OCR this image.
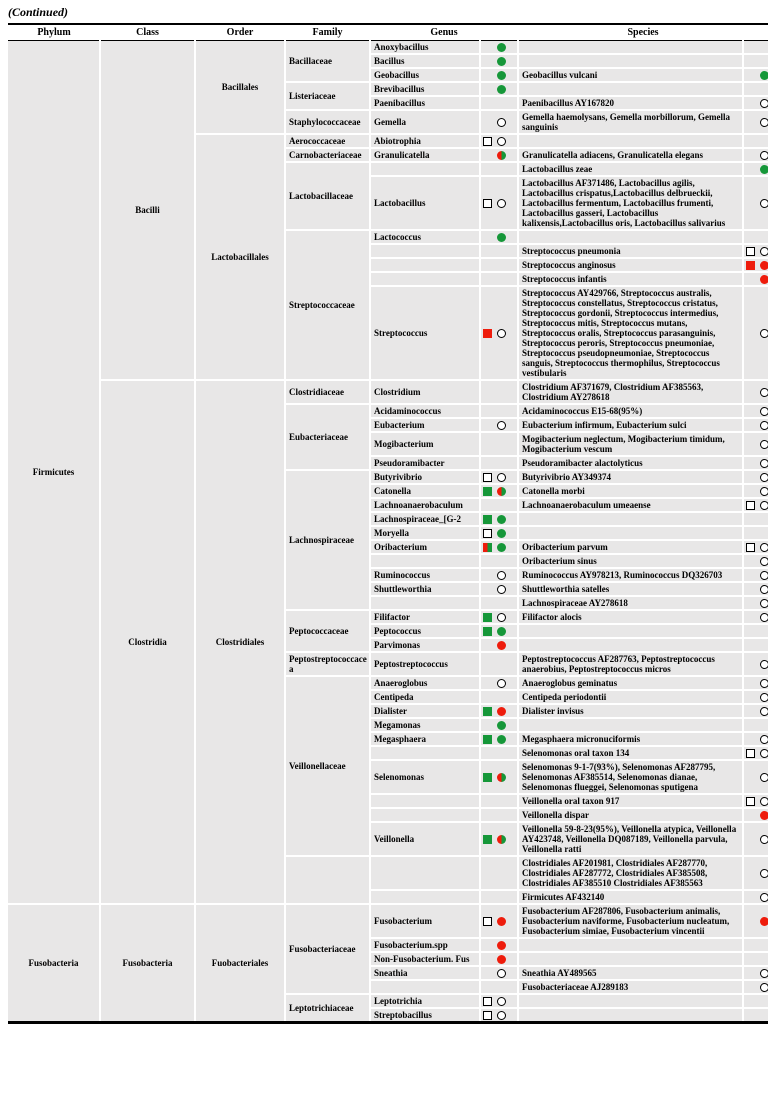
(Continued)
Phylum	Class	Order	Family	Genus		Species	
Firmicutes	Bacilli	Bacillales	Bacillaceae	Anoxybacillus	

				Bacillus	

				Geobacillus		Geobacillus vulcani	

			Listeriaceae	Brevibacillus	

				Paenibacillus		Paenibacillus AY167820	

			Staphylococcaceae	Gemella		Gemella haemolysans, Gemella morbillorum, Gemella sanguinis	

		Lactobacillales	Aerococcaceae	Abiotrophia	

			Carnobacteriaceae	Granulicatella		Granulicatella adiacens, Granulicatella elegans	

			Lactobacillaceae			Lactobacillus zeae	

				Lactobacillus		Lactobacillus AF371486, Lactobacillus agilis, Lactobacillus crispatus,Lactobacillus delbrueckii, Lactobacillus fermentum, Lactobacillus frumenti, Lactobacillus gasseri, Lactobacillus kalixensis,Lactobacillus oris, Lactobacillus salivarius	

			Streptococcaceae	Lactococcus	

					Streptococcus pneumonia	

					Streptococcus anginosus	

					Streptococcus infantis	

				Streptococcus		Streptococcus AY429766, Streptococcus australis, Streptococcus constellatus, Streptococcus cristatus, Streptococcus gordonii, Streptococcus intermedius, Streptococcus mitis, Streptococcus mutans, Streptococcus oralis, Streptococcus parasanguinis, Streptococcus peroris, Streptococcus pneumoniae, Streptococcus pseudopneumoniae, Streptococcus sanguis, Streptococcus thermophilus, Streptococcus vestibularis	

	Clostridia	Clostridiales	Clostridiaceae	Clostridium		Clostridium AF371679, Clostridium AF385563, Clostridium AY278618	

			Eubacteriaceae	Acidaminococcus		Acidaminococcus E15-68(95%)	

				Eubacterium		Eubacterium infirmum, Eubacterium sulci	

				Mogibacterium		Mogibacterium neglectum, Mogibacterium timidum, Mogibacterium vescum	

				Pseudoramibacter		Pseudoramibacter alactolyticus	

			Lachnospiraceae	Butyrivibrio		Butyrivibrio AY349374	

				Catonella		Catonella morbi	

				Lachnoanaerobaculum		Lachnoanaerobaculum umeaense	

				Lachnospiraceae_[G-2	

				Moryella	

				Oribacterium		Oribacterium parvum	

					Oribacterium sinus	

				Ruminococcus		Ruminococcus AY978213, Ruminococcus DQ326703	

				Shuttleworthia		Shuttleworthia satelles	

					Lachnospiraceae AY278618	

			Peptococcaceae	Filifactor		Filifactor alocis	

				Peptococcus	

				Parvimonas	

			Peptostreptococcacea	Peptostreptococcus		Peptostreptococcus AF287763, Peptostreptococcus anaerobius, Peptostreptococcus micros	

			Veillonellaceae	Anaeroglobus		Anaeroglobus geminatus	

				Centipeda		Centipeda periodontii	

				Dialister		Dialister invisus	

				Megamonas	

				Megasphaera		Megasphaera micronuciformis	

					Selenomonas oral taxon 134	

				Selenomonas		Selenomonas 9-1-7(93%), Selenomonas AF287795, Selenomonas AF385514, Selenomonas dianae, Selenomonas flueggei, Selenomonas sputigena	

					Veillonella oral taxon 917	

					Veillonella dispar	

				Veillonella		Veillonella 59-8-23(95%), Veillonella atypica, Veillonella AY423748, Veillonella DQ087189, Veillonella parvula, Veillonella ratti	

				Clostridiales AF201981, Clostridiales AF287770, Clostridiales AF287772, Clostridiales AF385508, Clostridiales AF385510 Clostridiales AF385563	

					Firmicutes AF432140	

Fusobacteria	Fusobacteria	Fuobacteriales	Fusobacteriaceae	Fusobacterium		Fusobacterium AF287806, Fusobacterium animalis, Fusobacterium naviforme, Fusobacterium nucleatum, Fusobacterium simiae, Fusobacterium vincentii	

				Fusobacterium.spp	

				Non-Fusobacterium. Fus	

				Sneathia		Sneathia AY489565	

					Fusobacteriaceae AJ289183	

			Leptotrichiaceae	Leptotrichia	

				Streptobacillus	
